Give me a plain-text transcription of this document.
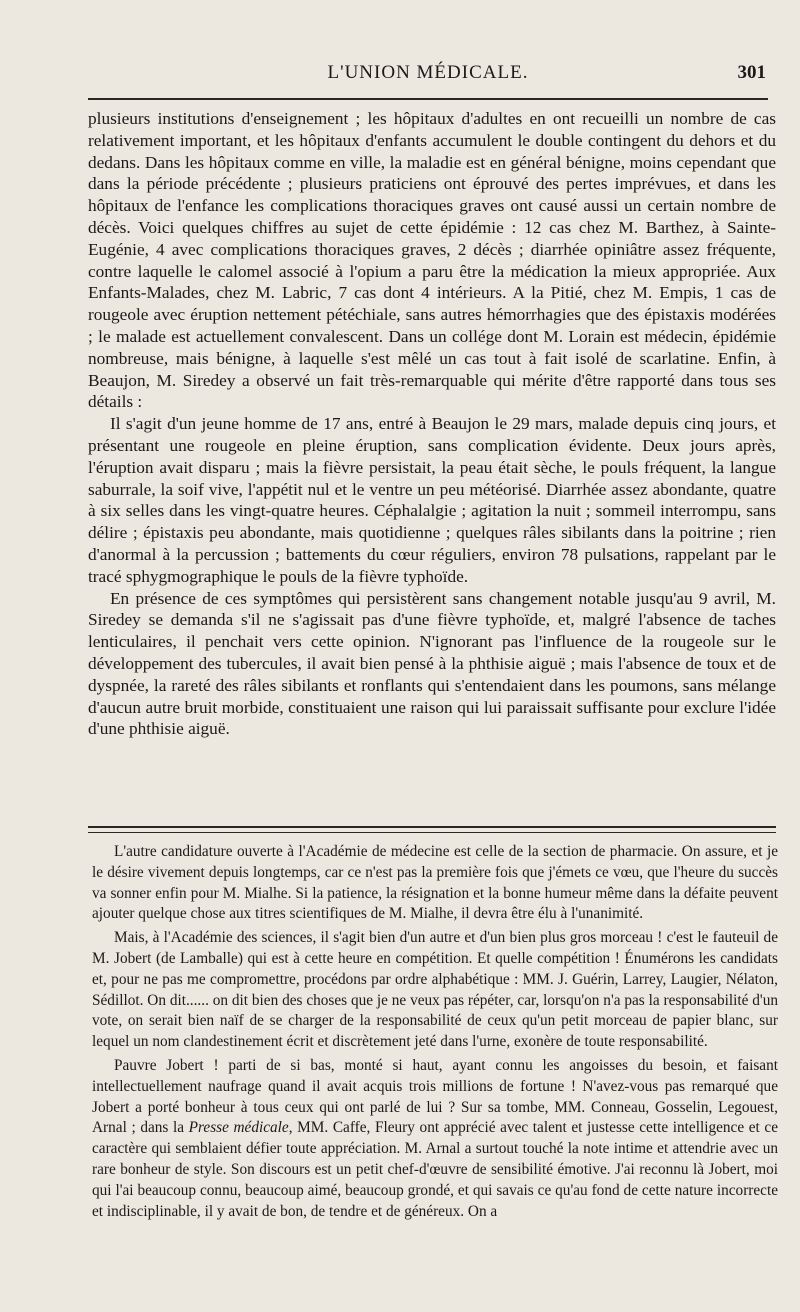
L'UNION MÉDICALE.	301

plusieurs institutions d'enseignement ; les hôpitaux d'adultes en ont recueilli un nombre de cas relativement important, et les hôpitaux d'enfants accumulent le double contingent du dehors et du dedans. Dans les hôpitaux comme en ville, la maladie est en général bénigne, moins cependant que dans la période précédente ; plusieurs praticiens ont éprouvé des pertes imprévues, et dans les hôpitaux de l'enfance les complications thoraciques graves ont causé aussi un certain nombre de décès. Voici quelques chiffres au sujet de cette épidémie : 12 cas chez M. Barthez, à Sainte-Eugénie, 4 avec complications thoraciques graves, 2 décès ; diarrhée opiniâtre assez fréquente, contre laquelle le calomel associé à l'opium a paru être la médication la mieux appropriée. Aux Enfants-Malades, chez M. Labric, 7 cas dont 4 intérieurs. A la Pitié, chez M. Empis, 1 cas de rougeole avec éruption nettement pétéchiale, sans autres hémorrhagies que des épistaxis modérées ; le malade est actuellement convalescent. Dans un collége dont M. Lorain est médecin, épidémie nombreuse, mais bénigne, à laquelle s'est mêlé un cas tout à fait isolé de scarlatine. Enfin, à Beaujon, M. Siredey a observé un fait très-remarquable qui mérite d'être rapporté dans tous ses détails :

Il s'agit d'un jeune homme de 17 ans, entré à Beaujon le 29 mars, malade depuis cinq jours, et présentant une rougeole en pleine éruption, sans complication évidente. Deux jours après, l'éruption avait disparu ; mais la fièvre persistait, la peau était sèche, le pouls fréquent, la langue saburrale, la soif vive, l'appétit nul et le ventre un peu météorisé. Diarrhée assez abondante, quatre à six selles dans les vingt-quatre heures. Céphalalgie ; agitation la nuit ; sommeil interrompu, sans délire ; épistaxis peu abondante, mais quotidienne ; quelques râles sibilants dans la poitrine ; rien d'anormal à la percussion ; battements du cœur réguliers, environ 78 pulsations, rappelant par le tracé sphygmographique le pouls de la fièvre typhoïde.

En présence de ces symptômes qui persistèrent sans changement notable jusqu'au 9 avril, M. Siredey se demanda s'il ne s'agissait pas d'une fièvre typhoïde, et, malgré l'absence de taches lenticulaires, il penchait vers cette opinion. N'ignorant pas l'influence de la rougeole sur le développement des tubercules, il avait bien pensé à la phthisie aiguë ; mais l'absence de toux et de dyspnée, la rareté des râles sibilants et ronflants qui s'entendaient dans les poumons, sans mélange d'aucun autre bruit morbide, constituaient une raison qui lui paraissait suffisante pour exclure l'idée d'une phthisie aiguë.

L'autre candidature ouverte à l'Académie de médecine est celle de la section de pharmacie. On assure, et je le désire vivement depuis longtemps, car ce n'est pas la première fois que j'émets ce vœu, que l'heure du succès va sonner enfin pour M. Mialhe. Si la patience, la résignation et la bonne humeur même dans la défaite peuvent ajouter quelque chose aux titres scientifiques de M. Mialhe, il devra être élu à l'unanimité.

Mais, à l'Académie des sciences, il s'agit bien d'un autre et d'un bien plus gros morceau ! c'est le fauteuil de M. Jobert (de Lamballe) qui est à cette heure en compétition. Et quelle compétition ! Énumérons les candidats et, pour ne pas me compromettre, procédons par ordre alphabétique : MM. J. Guérin, Larrey, Laugier, Nélaton, Sédillot. On dit...... on dit bien des choses que je ne veux pas répéter, car, lorsqu'on n'a pas la responsabilité d'un vote, on serait bien naïf de se charger de la responsabilité de ceux qu'un petit morceau de papier blanc, sur lequel un nom clandestinement écrit et discrètement jeté dans l'urne, exonère de toute responsabilité.

Pauvre Jobert ! parti de si bas, monté si haut, ayant connu les angoisses du besoin, et faisant intellectuellement naufrage quand il avait acquis trois millions de fortune ! N'avez-vous pas remarqué que Jobert a porté bonheur à tous ceux qui ont parlé de lui ? Sur sa tombe, MM. Conneau, Gosselin, Legouest, Arnal ; dans la Presse médicale, MM. Caffe, Fleury ont apprécié avec talent et justesse cette intelligence et ce caractère qui semblaient défier toute appréciation. M. Arnal a surtout touché la note intime et attendrie avec un rare bonheur de style. Son discours est un petit chef-d'œuvre de sensibilité émotive. J'ai reconnu là Jobert, moi qui l'ai beaucoup connu, beaucoup aimé, beaucoup grondé, et qui savais ce qu'au fond de cette nature incorrecte et indisciplinable, il y avait de bon, de tendre et de généreux. On a
